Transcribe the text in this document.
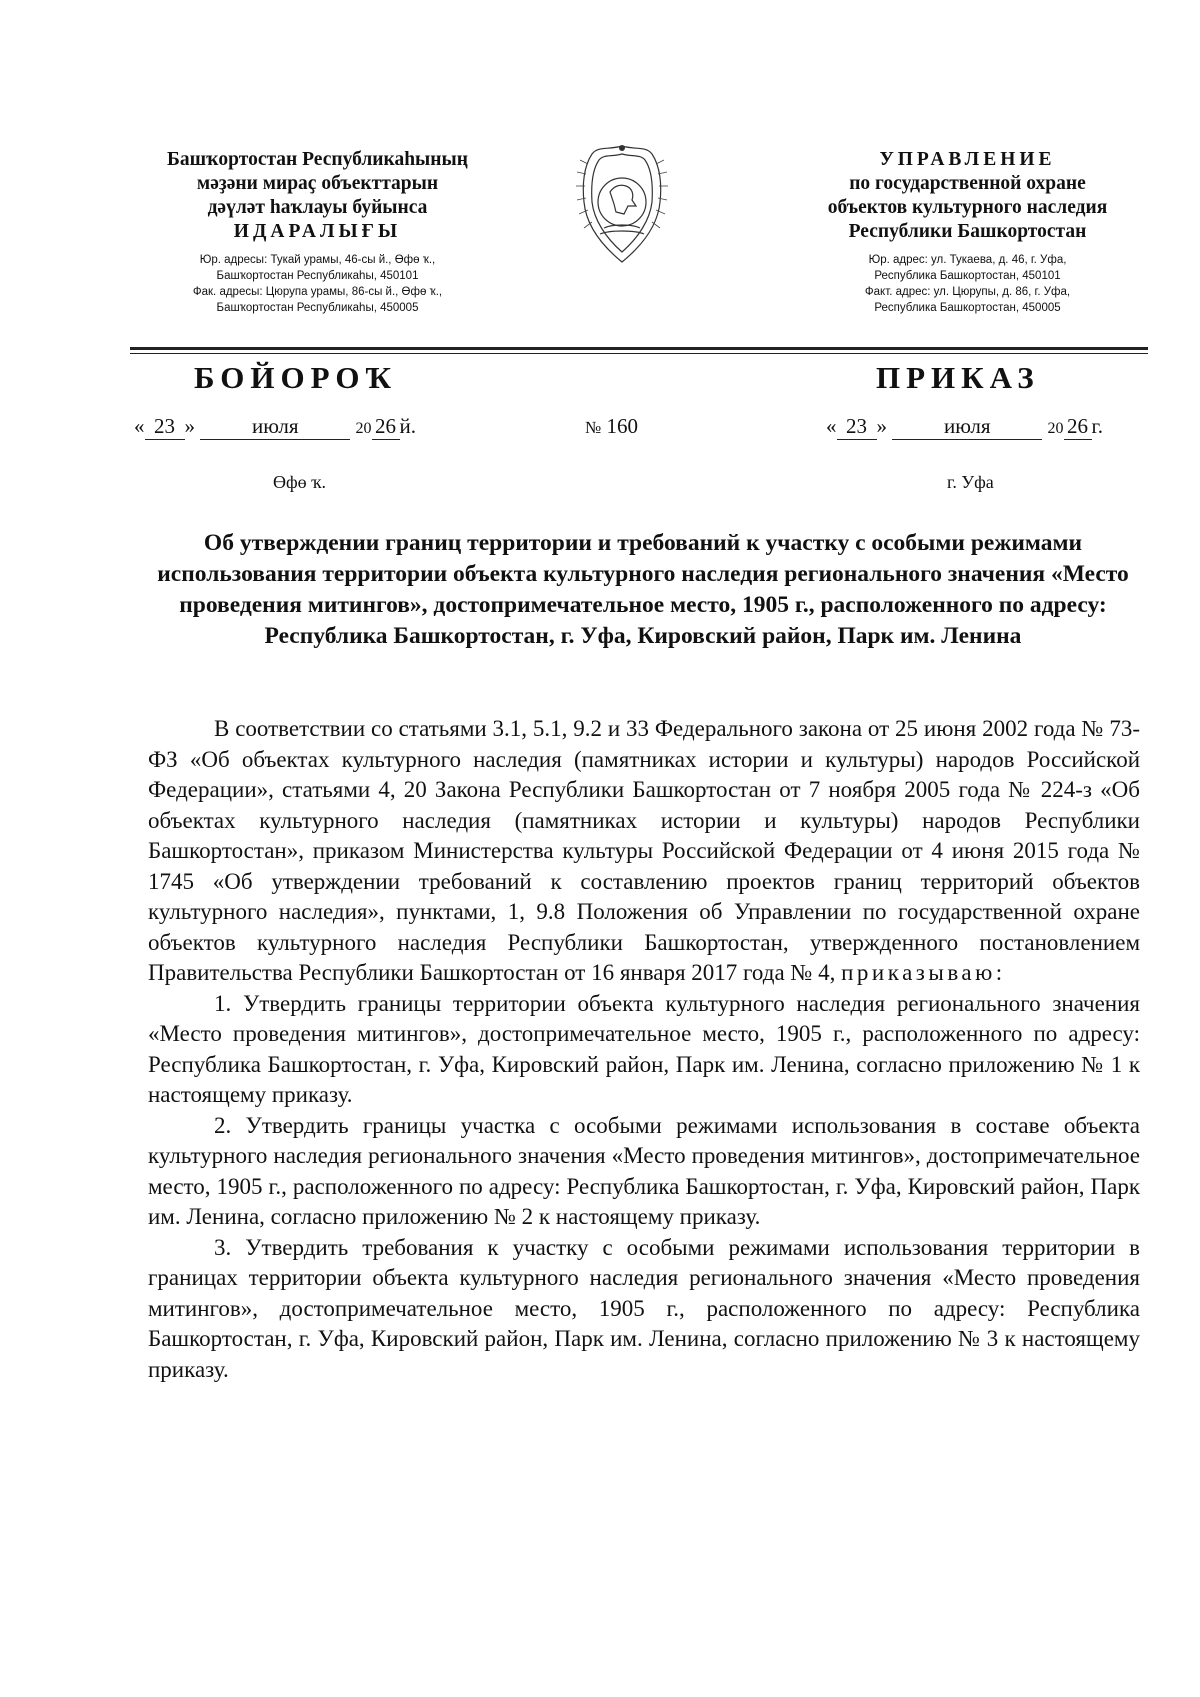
Башҡортостан Республикаһының
мәҙәни мираҫ объекттарын
дәүләт һаҡлауы буйынса
ИДАРАЛЫҒЫ
Юр. адресы: Тукай урамы, 46-сы й., Өфө ҡ.,
Башҡортостан Республикаһы, 450101
Фак. адресы: Цюрупа урамы, 86-сы й., Өфө ҡ.,
Башҡортостан Республикаһы, 450005
УПРАВЛЕНИЕ
по государственной охране
объектов культурного наследия
Республики Башкортостан
Юр. адрес: ул. Тукаева, д. 46, г. Уфа,
Республика Башкортостан, 450101
Факт. адрес: ул. Цюрупы, д. 86, г. Уфа,
Республика Башкортостан, 450005
БОЙОРОҠ	ПРИКАЗ
« 23 »	июля	20 26 й.	№ 160	« 23 »	июля	20 26 г.
Өфө ҡ.	г. Уфа
Об утверждении границ территории и требований к участку с особыми режимами использования территории объекта культурного наследия регионального значения «Место проведения митингов», достопримечательное место, 1905 г., расположенного по адресу: Республика Башкортостан, г. Уфа, Кировский район, Парк им. Ленина

В соответствии со статьями 3.1, 5.1, 9.2 и 33 Федерального закона от 25 июня 2002 года № 73-ФЗ «Об объектах культурного наследия (памятниках истории и культуры) народов Российской Федерации», статьями 4, 20 Закона Республики Башкортостан от 7 ноября 2005 года № 224-з «Об объектах культурного наследия (памятниках истории и культуры) народов Республики Башкортостан», приказом Министерства культуры Российской Федерации от 4 июня 2015 года № 1745 «Об утверждении требований к составлению проектов границ территорий объектов культурного наследия», пунктами, 1, 9.8 Положения об Управлении по государственной охране объектов культурного наследия Республики Башкортостан, утвержденного постановлением Правительства Республики Башкортостан от 16 января 2017 года № 4, приказываю:

1. Утвердить границы территории объекта культурного наследия регионального значения «Место проведения митингов», достопримечательное место, 1905 г., расположенного по адресу: Республика Башкортостан, г. Уфа, Кировский район, Парк им. Ленина, согласно приложению № 1 к настоящему приказу.

2. Утвердить границы участка с особыми режимами использования в составе объекта культурного наследия регионального значения «Место проведения митингов», достопримечательное место, 1905 г., расположенного по адресу: Республика Башкортостан, г. Уфа, Кировский район, Парк им. Ленина, согласно приложению № 2 к настоящему приказу.

3. Утвердить требования к участку с особыми режимами использования территории в границах территории объекта культурного наследия регионального значения «Место проведения митингов», достопримечательное место, 1905 г., расположенного по адресу: Республика Башкортостан, г. Уфа, Кировский район, Парк им. Ленина, согласно приложению № 3 к настоящему приказу.
